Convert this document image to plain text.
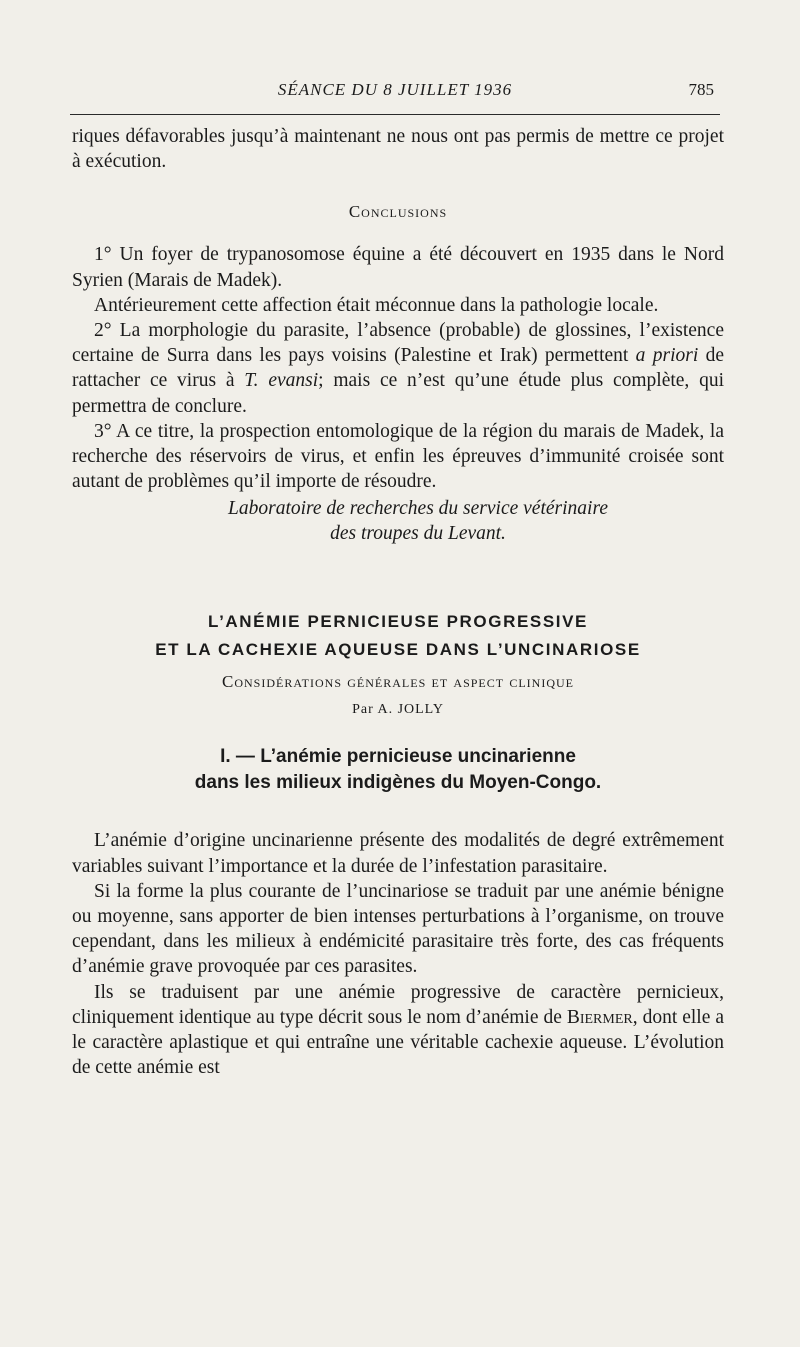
SÉANCE DU 8 JUILLET 1936	785

riques défavorables jusqu’à maintenant ne nous ont pas permis de mettre ce projet à exécution.

Conclusions

1° Un foyer de trypanosomose équine a été découvert en 1935 dans le Nord Syrien (Marais de Madek).

Antérieurement cette affection était méconnue dans la pathologie locale.

2° La morphologie du parasite, l’absence (probable) de glossines, l’existence certaine de Surra dans les pays voisins (Palestine et Irak) permettent a priori de rattacher ce virus à T. evansi; mais ce n’est qu’une étude plus complète, qui permettra de conclure.

3° A ce titre, la prospection entomologique de la région du marais de Madek, la recherche des réservoirs de virus, et enfin les épreuves d’immunité croisée sont autant de problèmes qu’il importe de résoudre.

Laboratoire de recherches du service vétérinaire
des troupes du Levant.
L’ANÉMIE PERNICIEUSE PROGRESSIVE
ET LA CACHEXIE AQUEUSE DANS L’UNCINARIOSE
Considérations générales et aspect clinique
Par A. JOLLY
I. — L’anémie pernicieuse uncinarienne
dans les milieux indigènes du Moyen-Congo.

L’anémie d’origine uncinarienne présente des modalités de degré extrêmement variables suivant l’importance et la durée de l’infestation parasitaire.

Si la forme la plus courante de l’uncinariose se traduit par une anémie bénigne ou moyenne, sans apporter de bien intenses perturbations à l’organisme, on trouve cependant, dans les milieux à endémicité parasitaire très forte, des cas fréquents d’anémie grave provoquée par ces parasites.

Ils se traduisent par une anémie progressive de caractère pernicieux, cliniquement identique au type décrit sous le nom d’anémie de Biermer, dont elle a le caractère aplastique et qui entraîne une véritable cachexie aqueuse. L’évolution de cette anémie est
